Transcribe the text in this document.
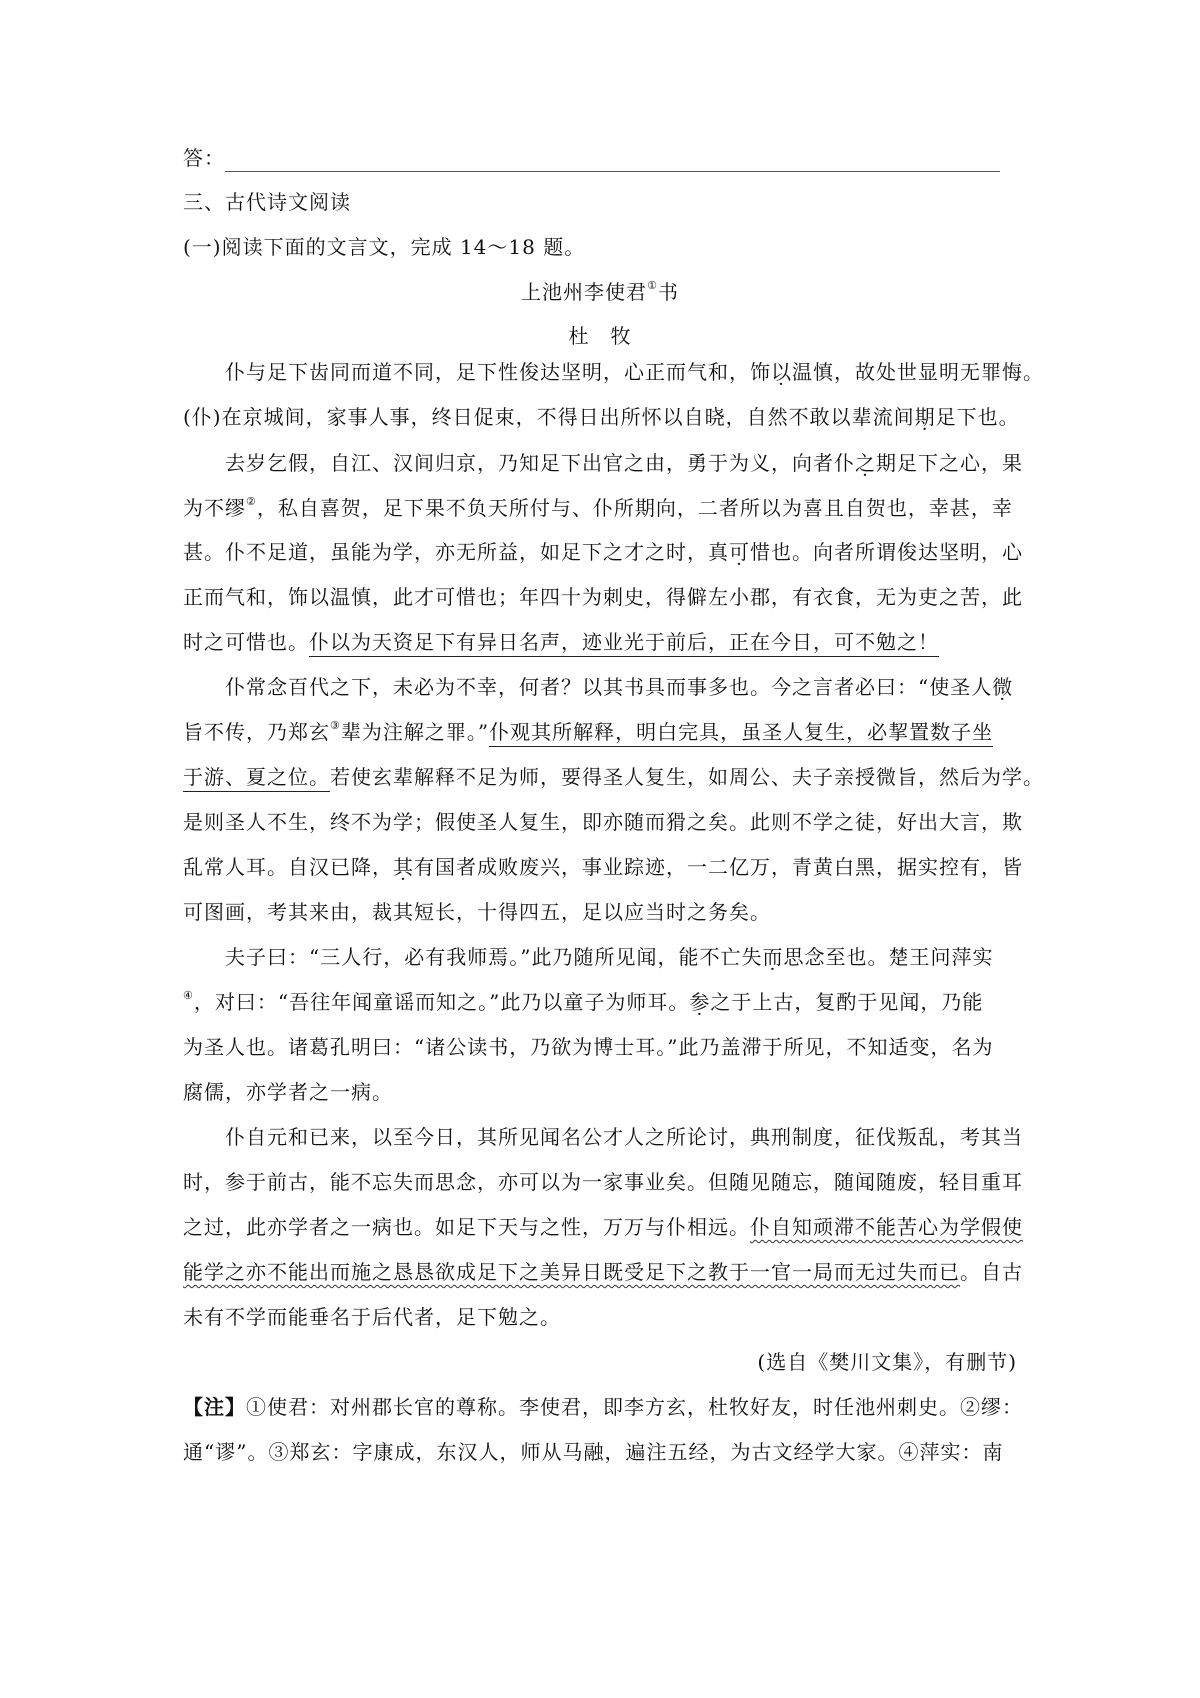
答：
三、古代诗文阅读
(一)阅读下面的文言文，完成 14～18 题。
上池州李使君①书
杜　牧
仆与足下齿同而道不同，足下性俊达坚明，心正而气和，饰以温慎，故处世显明无罪悔。
(仆)在京城间，家事人事，终日促束，不得日出所怀以自晓，自然不敢以辈流间期足下也。
去岁乞假，自江、汉间归京，乃知足下出官之由，勇于为义，向者仆之期足下之心，果
为不缪②，私自喜贺，足下果不负天所付与、仆所期向，二者所以为喜且自贺也，幸甚，幸
甚。仆不足道，虽能为学，亦无所益，如足下之才之时，真可惜也。向者所谓俊达坚明，心
正而气和，饰以温慎，此才可惜也；年四十为刺史，得僻左小郡，有衣食，无为吏之苦，此
时之可惜也。仆以为天资足下有异日名声，迹业光于前后，正在今日，可不勉之！
仆常念百代之下，未必为不幸，何者？以其书具而事多也。今之言者必曰：“使圣人微
旨不传，乃郑玄③辈为注解之罪。”仆观其所解释，明白完具，虽圣人复生，必挈置数子坐
于游、夏之位。若使玄辈解释不足为师，要得圣人复生，如周公、夫子亲授微旨，然后为学。
是则圣人不生，终不为学；假使圣人复生，即亦随而猾之矣。此则不学之徒，好出大言，欺
乱常人耳。自汉已降，其有国者成败废兴，事业踪迹，一二亿万，青黄白黑，据实控有，皆
可图画，考其来由，裁其短长，十得四五，足以应当时之务矣。
夫子曰：“三人行，必有我师焉。”此乃随所见闻，能不亡失而思念至也。楚王问萍实
④，对曰：“吾往年闻童谣而知之。”此乃以童子为师耳。参之于上古，复酌于见闻，乃能
为圣人也。诸葛孔明曰：“诸公读书，乃欲为博士耳。”此乃盖滞于所见，不知适变，名为
腐儒，亦学者之一病。
仆自元和已来，以至今日，其所见闻名公才人之所论讨，典刑制度，征伐叛乱，考其当
时，参于前古，能不忘失而思念，亦可以为一家事业矣。但随见随忘，随闻随废，轻目重耳
之过，此亦学者之一病也。如足下天与之性，万万与仆相远。仆自知顽滞不能苦心为学假使
能学之亦不能出而施之恳恳欲成足下之美异日既受足下之教于一官一局而无过失而已。自古
未有不学而能垂名于后代者，足下勉之。
(选自《樊川文集》，有删节)
【注】①使君：对州郡长官的尊称。李使君，即李方玄，杜牧好友，时任池州刺史。②缪：
通“谬”。③郑玄：字康成，东汉人，师从马融，遍注五经，为古文经学大家。④萍实：南
